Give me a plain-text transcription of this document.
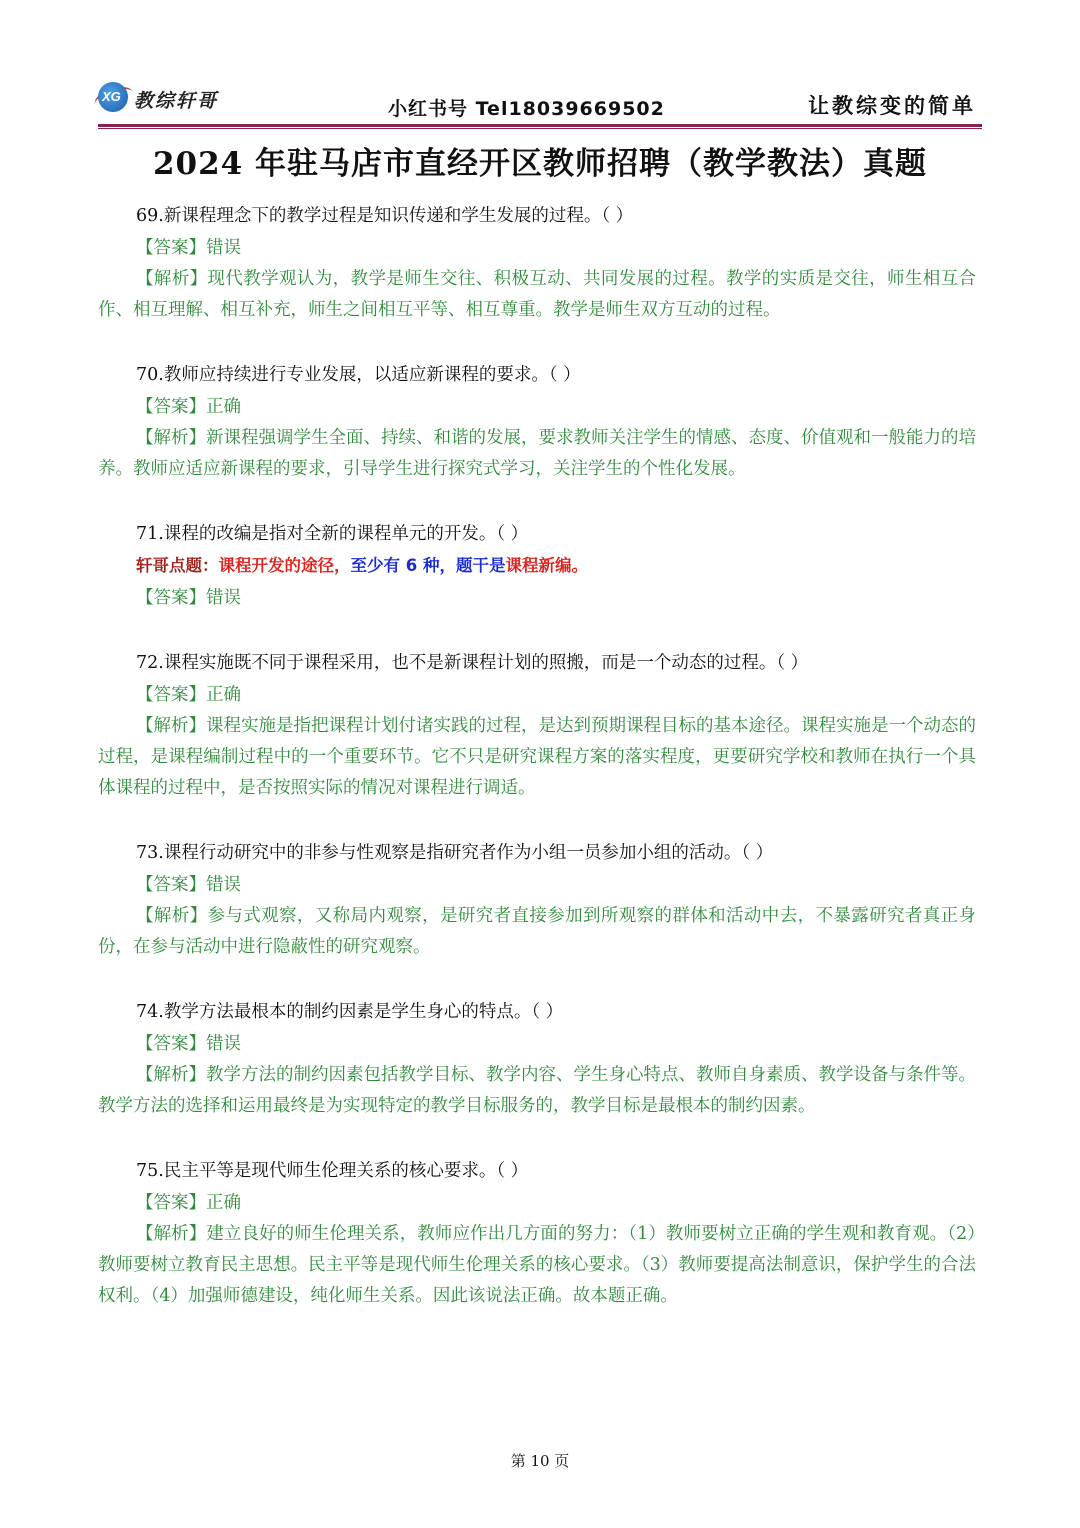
XG 教综轩哥	小红书号 Tel18039669502	让教综变的简单
2024 年驻马店市直经开区教师招聘（教学教法）真题
69.新课程理念下的教学过程是知识传递和学生发展的过程。（ ）
【答案】错误
【解析】现代教学观认为，教学是师生交往、积极互动、共同发展的过程。教学的实质是交往，师生相互合作、相互理解、相互补充，师生之间相互平等、相互尊重。教学是师生双方互动的过程。
70.教师应持续进行专业发展，以适应新课程的要求。（ ）
【答案】正确
【解析】新课程强调学生全面、持续、和谐的发展，要求教师关注学生的情感、态度、价值观和一般能力的培养。教师应适应新课程的要求，引导学生进行探究式学习，关注学生的个性化发展。
71.课程的改编是指对全新的课程单元的开发。（ ）
轩哥点题：课程开发的途径，至少有 6 种，题干是课程新编。
【答案】错误
72.课程实施既不同于课程采用，也不是新课程计划的照搬，而是一个动态的过程。（ ）
【答案】正确
【解析】课程实施是指把课程计划付诸实践的过程，是达到预期课程目标的基本途径。课程实施是一个动态的过程，是课程编制过程中的一个重要环节。它不只是研究课程方案的落实程度，更要研究学校和教师在执行一个具体课程的过程中，是否按照实际的情况对课程进行调适。
73.课程行动研究中的非参与性观察是指研究者作为小组一员参加小组的活动。（ ）
【答案】错误
【解析】参与式观察，又称局内观察，是研究者直接参加到所观察的群体和活动中去，不暴露研究者真正身份，在参与活动中进行隐蔽性的研究观察。
74.教学方法最根本的制约因素是学生身心的特点。（ ）
【答案】错误
【解析】教学方法的制约因素包括教学目标、教学内容、学生身心特点、教师自身素质、教学设备与条件等。教学方法的选择和运用最终是为实现特定的教学目标服务的，教学目标是最根本的制约因素。
75.民主平等是现代师生伦理关系的核心要求。（ ）
【答案】正确
【解析】建立良好的师生伦理关系，教师应作出几方面的努力：（1）教师要树立正确的学生观和教育观。（2）教师要树立教育民主思想。民主平等是现代师生伦理关系的核心要求。（3）教师要提高法制意识，保护学生的合法权利。（4）加强师德建设，纯化师生关系。因此该说法正确。故本题正确。
第 10 页
